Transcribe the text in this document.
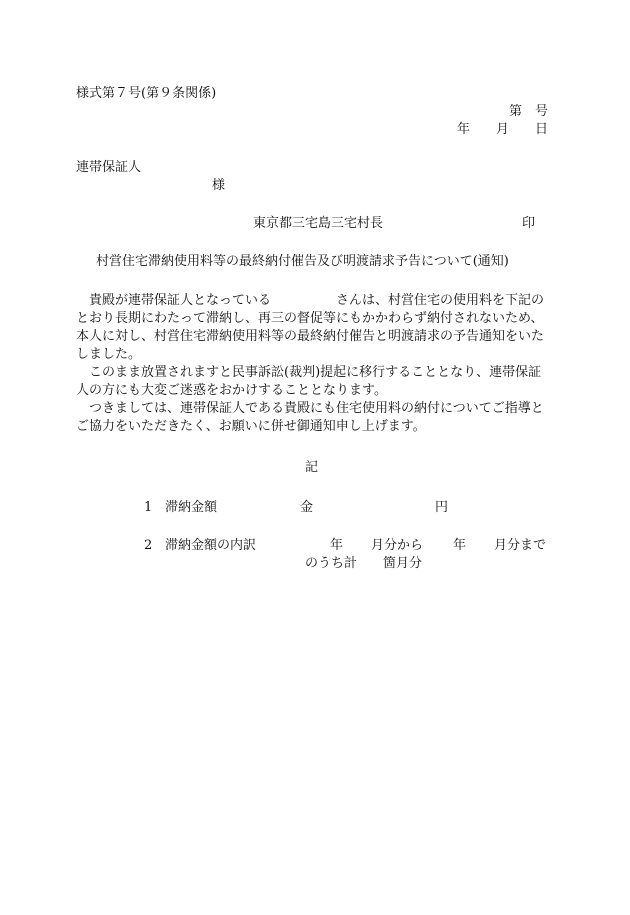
様式第７号(第９条関係)
第　号
年　　月　　日
連帯保証人
様
東京都三宅島三宅村長	印
村営住宅滞納使用料等の最終納付催告及び明渡請求予告について(通知)

貴殿が連帯保証人となっている　　　　　さんは、村営住宅の使用料を下記のとおり長期にわたって滞納し、再三の督促等にもかかわらず納付されないため、本人に対し、村営住宅滞納使用料等の最終納付催告と明渡請求の予告通知をいたしました。

このまま放置されますと民事訴訟(裁判)提起に移行することとなり、連帯保証人の方にも大変ご迷惑をおかけすることとなります。

つきましては、連帯保証人である貴殿にも住宅使用料の納付についてご指導とご協力をいただきたく、お願いに併せ御通知申し上げます。

記
1 滞納金額	金	円
2 滞納金額の内訳	年 月分から 年 月分まで
のうち計　　箇月分
